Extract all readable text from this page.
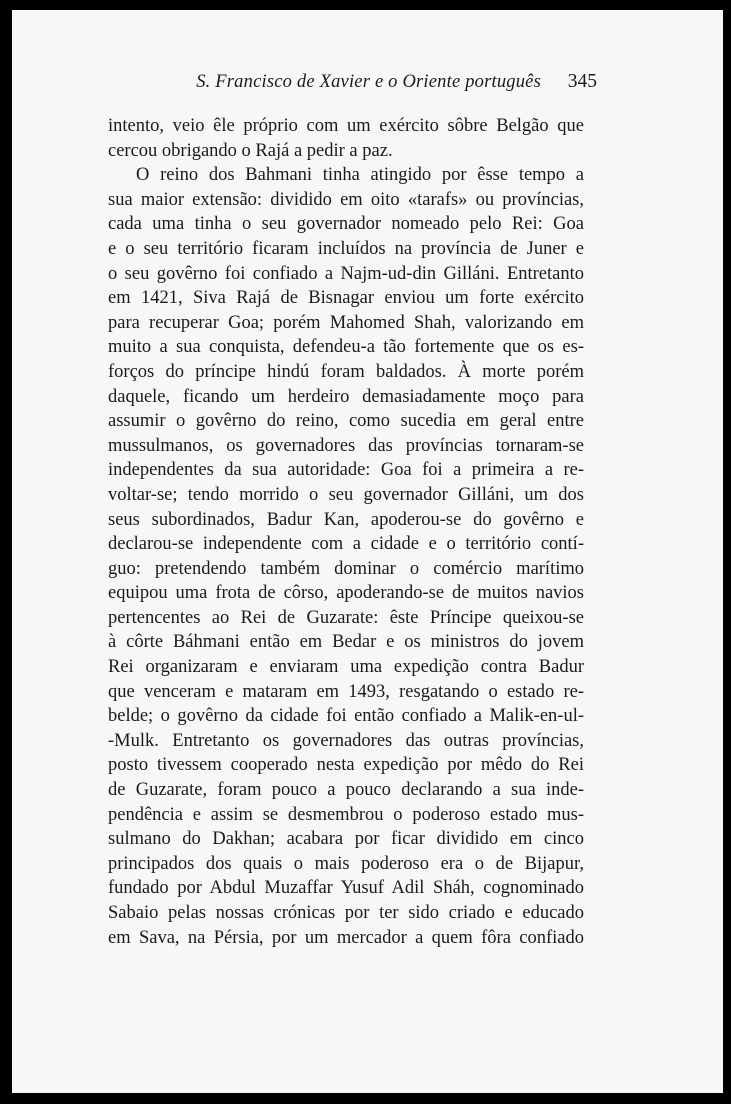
S. Francisco de Xavier e o Oriente português 345
intento, veio êle próprio com um exército sôbre Belgão que
cercou obrigando o Rajá a pedir a paz.
O reino dos Bahmani tinha atingido por êsse tempo a
sua maior extensão: dividido em oito «tarafs» ou províncias,
cada uma tinha o seu governador nomeado pelo Rei: Goa
e o seu território ficaram incluídos na província de Juner e
o seu govêrno foi confiado a Najm-ud-din Gilláni. Entretanto
em 1421, Siva Rajá de Bisnagar enviou um forte exército
para recuperar Goa; porém Mahomed Shah, valorizando em
muito a sua conquista, defendeu-a tão fortemente que os es-
forços do príncipe hindú foram baldados. À morte porém
daquele, ficando um herdeiro demasiadamente moço para
assumir o govêrno do reino, como sucedia em geral entre
mussulmanos, os governadores das províncias tornaram-se
independentes da sua autoridade: Goa foi a primeira a re-
voltar-se; tendo morrido o seu governador Gilláni, um dos
seus subordinados, Badur Kan, apoderou-se do govêrno e
declarou-se independente com a cidade e o território contí-
guo: pretendendo também dominar o comércio marítimo
equipou uma frota de côrso, apoderando-se de muitos navios
pertencentes ao Rei de Guzarate: êste Príncipe queixou-se
à côrte Báhmani então em Bedar e os ministros do jovem
Rei organizaram e enviaram uma expedição contra Badur
que venceram e mataram em 1493, resgatando o estado re-
belde; o govêrno da cidade foi então confiado a Malik-en-ul-
-Mulk. Entretanto os governadores das outras províncias,
posto tivessem cooperado nesta expedição por mêdo do Rei
de Guzarate, foram pouco a pouco declarando a sua inde-
pendência e assim se desmembrou o poderoso estado mus-
sulmano do Dakhan; acabara por ficar dividido em cinco
principados dos quais o mais poderoso era o de Bijapur,
fundado por Abdul Muzaffar Yusuf Adil Sháh, cognominado
Sabaio pelas nossas crónicas por ter sido criado e educado
em Sava, na Pérsia, por um mercador a quem fôra confiado
